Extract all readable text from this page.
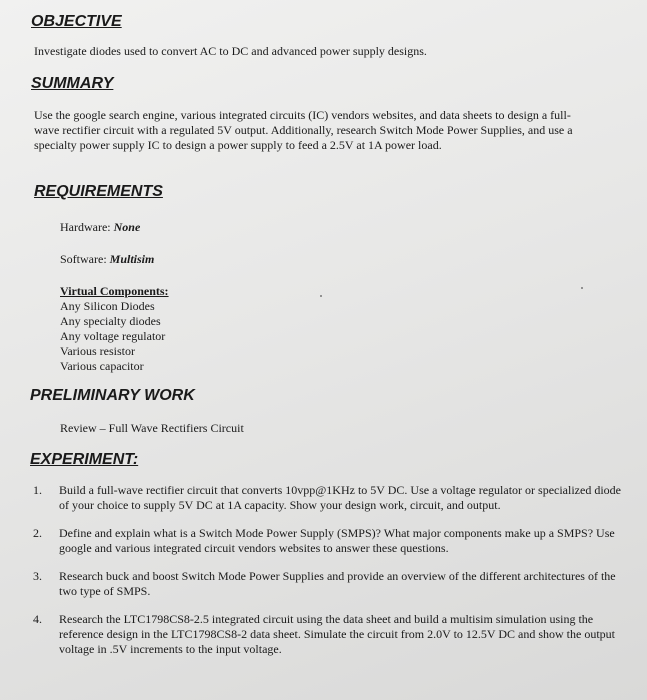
OBJECTIVE

Investigate diodes used to convert AC to DC and advanced power supply designs.

SUMMARY

Use the google search engine, various integrated circuits (IC) vendors websites, and data sheets to design a full-wave rectifier circuit with a regulated 5V output. Additionally, research Switch Mode Power Supplies, and use a specialty power supply IC to design a power supply to feed a 2.5V at 1A power load.

REQUIREMENTS
Hardware: None
Software: Multisim
Virtual Components:
Any Silicon Diodes
Any specialty diodes
Any voltage regulator
Various resistor
Various capacitor
PRELIMINARY WORK
Review – Full Wave Rectifiers Circuit
EXPERIMENT:
1. Build a full-wave rectifier circuit that converts 10vpp@1KHz to 5V DC. Use a voltage regulator or specialized diode of your choice to supply 5V DC at 1A capacity. Show your design work, circuit, and output.
2. Define and explain what is a Switch Mode Power Supply (SMPS)? What major components make up a SMPS? Use google and various integrated circuit vendors websites to answer these questions.
3. Research buck and boost Switch Mode Power Supplies and provide an overview of the different architectures of the two type of SMPS.
4. Research the LTC1798CS8-2.5 integrated circuit using the data sheet and build a multisim simulation using the reference design in the LTC1798CS8-2 data sheet. Simulate the circuit from 2.0V to 12.5V DC and show the output voltage in .5V increments to the input voltage.
